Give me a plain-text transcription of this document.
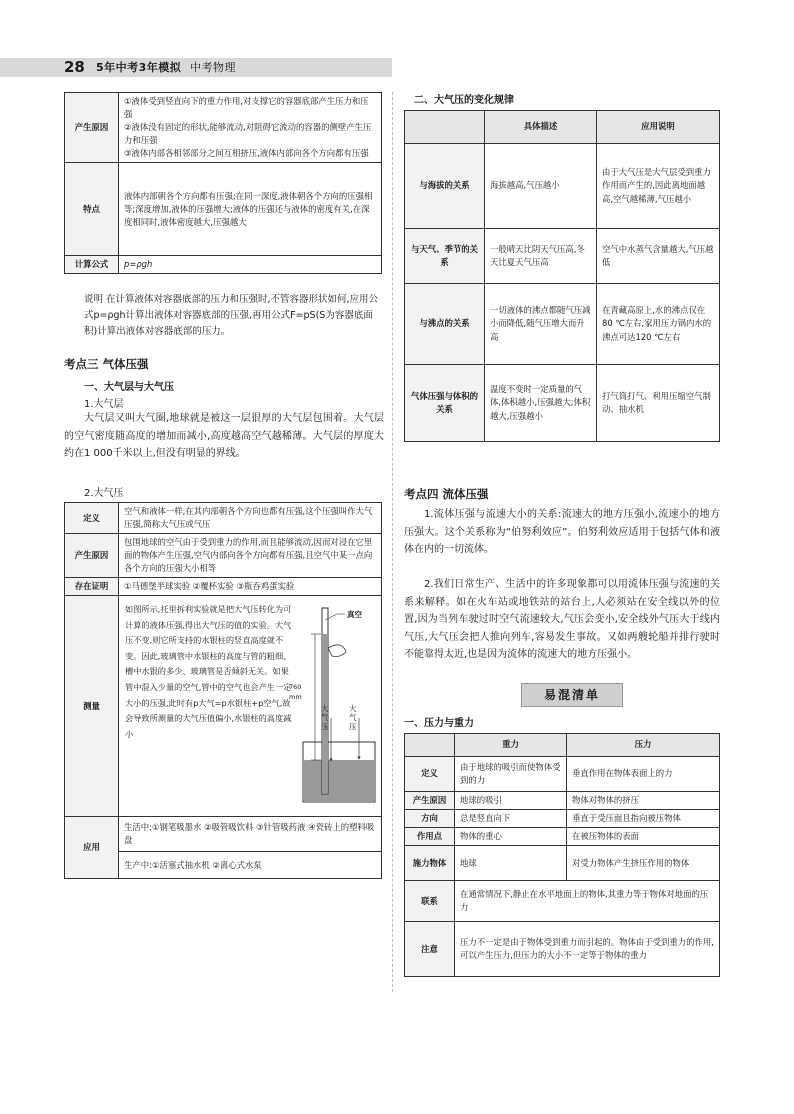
28 5年中考3年模拟 中考物理
产生原因	①液体受到竖直向下的重力作用,对支撑它的容器底部产生压力和压强
②液体没有固定的形状,能够流动,对阻碍它流动的容器的侧壁产生压力和压强
③液体内部各相邻部分之间互相挤压,液体内部向各个方向都有压强

特点	液体内部朝各个方向都有压强;在同一深度,液体朝各个方向的压强相等;深度增加,液体的压强增大;液体的压强还与液体的密度有关,在深度相同时,液体密度越大,压强越大
计算公式	p=ρgh
说明 在计算液体对容器底部的压力和压强时,不管容器形状如何,应用公式p=ρgh计算出液体对容器底部的压强,再用公式F=pS(S为容器底面积)计算出液体对容器底部的压力。
考点三 气体压强
一、大气层与大气压
1.大气层
大气层又叫大气圈,地球就是被这一层很厚的大气层包围着。大气层的空气密度随高度的增加而减小,高度越高空气越稀薄。大气层的厚度大约在1 000千米以上,但没有明显的界线。
2.大气压
定义	空气和液体一样,在其内部朝各个方向也都有压强,这个压强叫作大气压强,简称大气压或气压
产生原因	包围地球的空气由于受到重力的作用,而且能够流动,因而对浸在它里面的物体产生压强,空气内部向各个方向都有压强,且空气中某一点向各个方向的压强大小相等
存在证明	①马德堡半球实验 ②覆杯实验 ③瓶吞鸡蛋实验
测量	如图所示,托里拆利实验就是把大气压转化为可计算的液体压强,得出大气压的值的实验。大气压不变,则它所支持的水银柱的竖直高度就不变。因此,玻璃管中水银柱的高度与管的粗细、槽中水银的多少、玻璃管是否倾斜无关。如果管中混入少量的空气,管中的空气也会产生一定大小的压强,此时有p大气=p水银柱+p空气,故会导致所测量的大气压值偏小,水银柱的高度减小
真空
760 mm
大气压
大气压

应用	生活中:①钢笔吸墨水 ②吸管吸饮料 ③针管吸药液 ④瓷砖上的塑料吸盘
	生产中:①活塞式抽水机 ②离心式水泵
二、大气压的变化规律
	具体描述	应用说明
与海拔的关系	海拔越高,气压越小	由于大气压是大气层受到重力作用而产生的,因此离地面越高,空气越稀薄,气压越小
与天气、季节的关系	一般晴天比阴天气压高,冬天比夏天气压高	空气中水蒸气含量越大,气压越低
与沸点的关系	一切液体的沸点都随气压减小而降低,随气压增大而升高	在青藏高原上,水的沸点仅在80 ℃左右,家用压力锅内水的沸点可达120 ℃左右
气体压强与体积的关系	温度不变时一定质量的气体,体积越小,压强越大;体积越大,压强越小	打气筒打气、利用压缩空气制动、抽水机
考点四 流体压强
1.流体压强与流速大小的关系:流速大的地方压强小,流速小的地方压强大。这个关系称为“伯努利效应”。伯努利效应适用于包括气体和液体在内的一切流体。
2.我们日常生产、生活中的许多现象都可以用流体压强与流速的关系来解释。如在火车站或地铁站的站台上,人必须站在安全线以外的位置,因为当列车驶过时空气流速较大,气压会变小,安全线外气压大于线内气压,大气压会把人推向列车,容易发生事故。又如两艘轮船并排行驶时不能靠得太近,也是因为流体的流速大的地方压强小。
易混清单
一、压力与重力
	重力	压力
定义	由于地球的吸引而使物体受到的力	垂直作用在物体表面上的力
产生原因	地球的吸引	物体对物体的挤压
方向	总是竖直向下	垂直于受压面且指向被压物体
作用点	物体的重心	在被压物体的表面
施力物体	地球	对受力物体产生挤压作用的物体
联系	在通常情况下,静止在水平地面上的物体,其重力等于物体对地面的压力	
注意	压力不一定是由于物体受到重力而引起的。物体由于受到重力的作用,可以产生压力,但压力的大小不一定等于物体的重力	
